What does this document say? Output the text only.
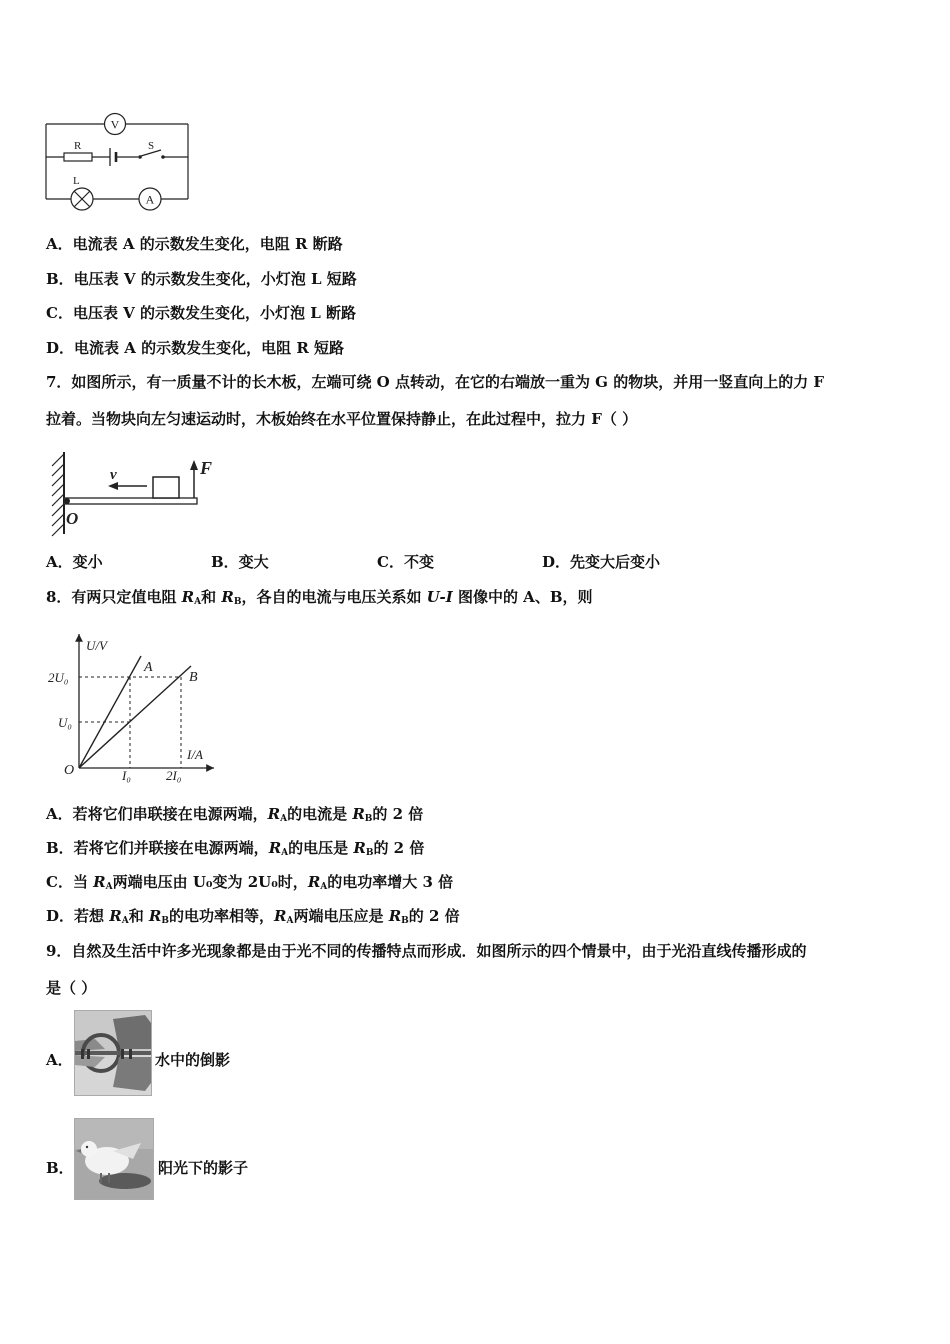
V
R	S
L
A
A．电流表 A 的示数发生变化，电阻 R 断路
B．电压表 V 的示数发生变化，小灯泡 L 短路
C．电压表 V 的示数发生变化，小灯泡 L 断路
D．电流表 A 的示数发生变化，电阻 R 短路
7．如图所示，有一质量不计的长木板，左端可绕 O 点转动，在它的右端放一重为 G 的物块，并用一竖直向上的力 F
拉着。当物块向左匀速运动时，木板始终在水平位置保持静止，在此过程中，拉力 F（ ）
O
v	F
A．变小	B．变大	C．不变	D．先变大后变小
8．有两只定值电阻 $R_A$和 $R_B$，各自的电流与电压关系如 U-I 图像中的 A、B，则
U/V
I/A
O
A
B
2U₀
U₀
I₀	2I₀
A．若将它们串联接在电源两端，$R_A$的电流是 $R_B$的 2 倍
B．若将它们并联接在电源两端，$R_A$的电压是 $R_B$的 2 倍
C．当 $R_A$两端电压由 U₀变为 2U₀时，$R_A$的电功率增大 3 倍
D．若想 $R_A$和 $R_B$的电功率相等，$R_A$两端电压应是 $R_B$的 2 倍
9．自然及生活中许多光现象都是由于光不同的传播特点而形成．如图所示的四个情景中，由于光沿直线传播形成的
是（ ）
A．	水中的倒影
B．	阳光下的影子
